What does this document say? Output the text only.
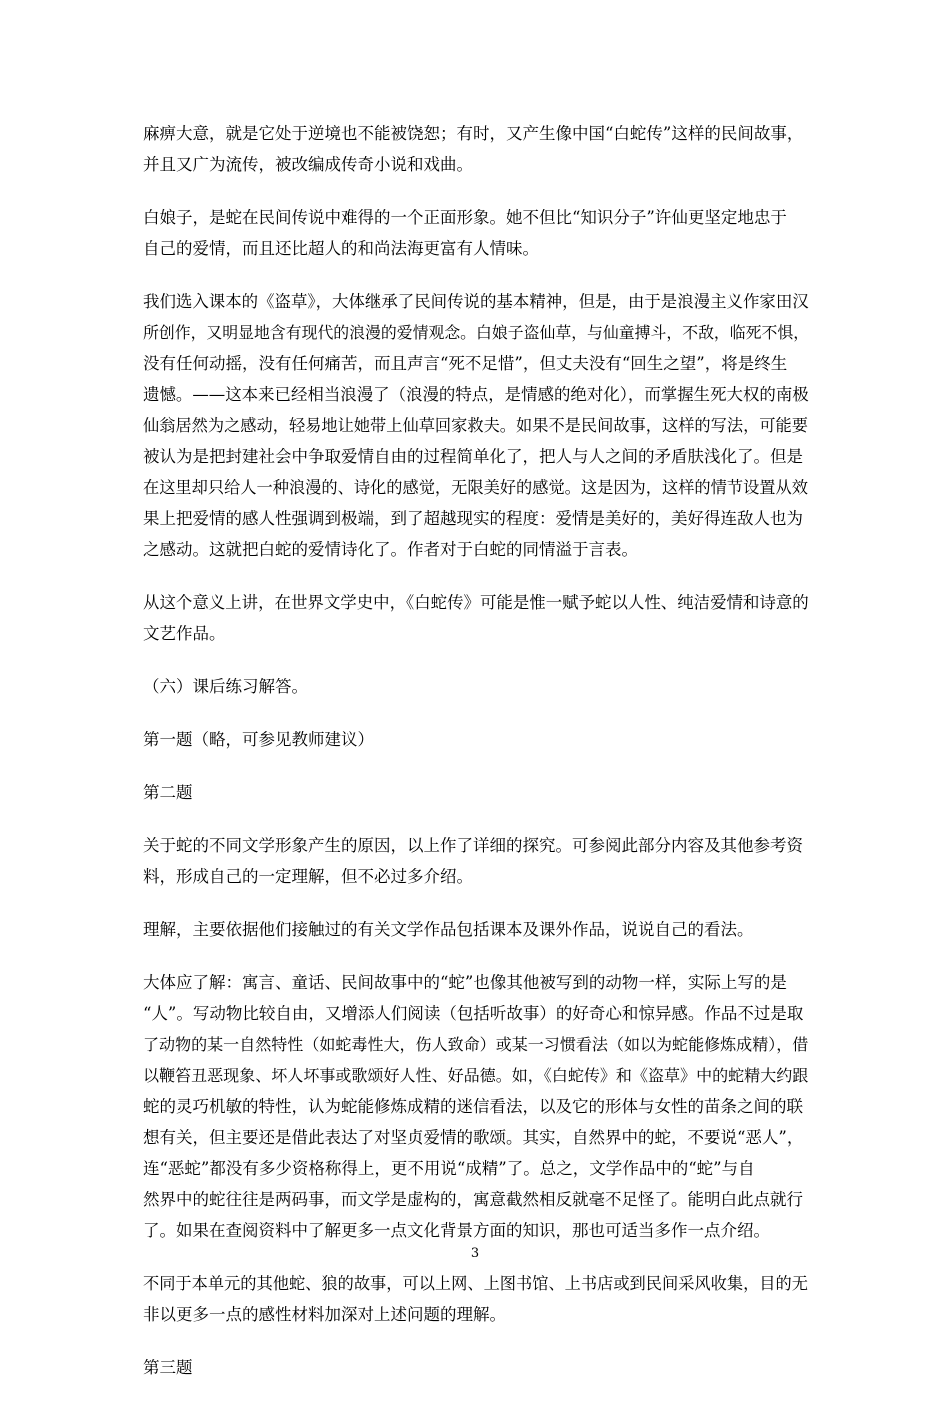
麻痹大意，就是它处于逆境也不能被饶恕；有时，又产生像中国“白蛇传”这样的民间故事，
并且又广为流传，被改编成传奇小说和戏曲。
白娘子，是蛇在民间传说中难得的一个正面形象。她不但比“知识分子”许仙更坚定地忠于
自己的爱情，而且还比超人的和尚法海更富有人情味。
我们选入课本的《盗草》，大体继承了民间传说的基本精神，但是，由于是浪漫主义作家田汉
所创作，又明显地含有现代的浪漫的爱情观念。白娘子盗仙草，与仙童搏斗，不敌，临死不惧，
没有任何动摇，没有任何痛苦，而且声言“死不足惜”，但丈夫没有“回生之望”，将是终生
遗憾。——这本来已经相当浪漫了（浪漫的特点，是情感的绝对化），而掌握生死大权的南极
仙翁居然为之感动，轻易地让她带上仙草回家救夫。如果不是民间故事，这样的写法，可能要
被认为是把封建社会中争取爱情自由的过程简单化了，把人与人之间的矛盾肤浅化了。但是
在这里却只给人一种浪漫的、诗化的感觉，无限美好的感觉。这是因为，这样的情节设置从效
果上把爱情的感人性强调到极端，到了超越现实的程度：爱情是美好的，美好得连敌人也为
之感动。这就把白蛇的爱情诗化了。作者对于白蛇的同情溢于言表。
从这个意义上讲，在世界文学史中，《白蛇传》可能是惟一赋予蛇以人性、纯洁爱情和诗意的
文艺作品。
（六）课后练习解答。
第一题（略，可参见教师建议）
第二题
关于蛇的不同文学形象产生的原因，以上作了详细的探究。可参阅此部分内容及其他参考资
料，形成自己的一定理解，但不必过多介绍。
理解，主要依据他们接触过的有关文学作品包括课本及课外作品，说说自己的看法。
大体应了解：寓言、童话、民间故事中的“蛇”也像其他被写到的动物一样，实际上写的是
“人”。写动物比较自由，又增添人们阅读（包括听故事）的好奇心和惊异感。作品不过是取
了动物的某一自然特性（如蛇毒性大，伤人致命）或某一习惯看法（如以为蛇能修炼成精），借
以鞭笞丑恶现象、坏人坏事或歌颂好人性、好品德。如，《白蛇传》和《盗草》中的蛇精大约跟
蛇的灵巧机敏的特性，认为蛇能修炼成精的迷信看法，以及它的形体与女性的苗条之间的联
想有关，但主要还是借此表达了对坚贞爱情的歌颂。其实，自然界中的蛇，不要说“恶人”，
连“恶蛇”都没有多少资格称得上，更不用说“成精”了。总之，文学作品中的“蛇”与自
然界中的蛇往往是两码事，而文学是虚构的，寓意截然相反就毫不足怪了。能明白此点就行
了。如果在查阅资料中了解更多一点文化背景方面的知识，那也可适当多作一点介绍。
不同于本单元的其他蛇、狼的故事，可以上网、上图书馆、上书店或到民间采风收集，目的无
非以更多一点的感性材料加深对上述问题的理解。
第三题
3
